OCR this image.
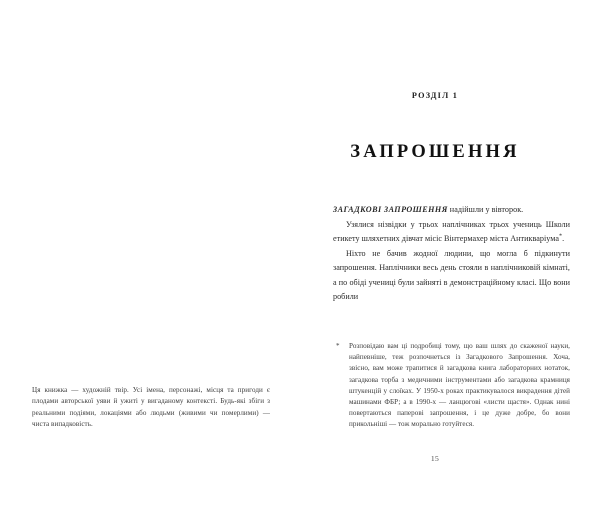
Ця книжка — художній твір. Усі імена, персонажі, місця та пригоди є плодами авторської уяви й ужиті у вигаданому контексті. Будь-які збіги з реальними подіями, локаціями або людьми (живими чи померлими) — чиста випадковість.

РОЗДІЛ 1
ЗАПРОШЕННЯ

ЗАГАДКОВІ ЗАПРОШЕННЯ надійшли у вівторок.

Узялися нізвідки у трьох наплічниках трьох учениць Школи етикету шляхетних дівчат місіс Вінтермахер міста Антикваріума*.

Ніхто не бачив жодної людини, що могла б підкинути запрошення. Наплічники весь день стояли в наплічниковій кімнаті, а по обіді учениці були зайняті в демонстраційному класі. Що вони робили

* Розповідаю вам ці подробиці тому, що ваш шлях до скаженої науки, найпевніше, теж розпочнеться із Загадкового Запрошення. Хоча, звісно, вам може трапитися й загадкова книга лабораторних нотаток, загадкова торба з медичними інструментами або загадкова крамниця штукенцій у слоїках. У 1950-х роках практикувалося викрадення дітей машинами ФБР; а в 1990-х — ланцюгові «листи щастя». Однак нині повертаються паперові запрошення, і це дуже добре, бо вони прикольніші — тож морально готуйтеся.

15
